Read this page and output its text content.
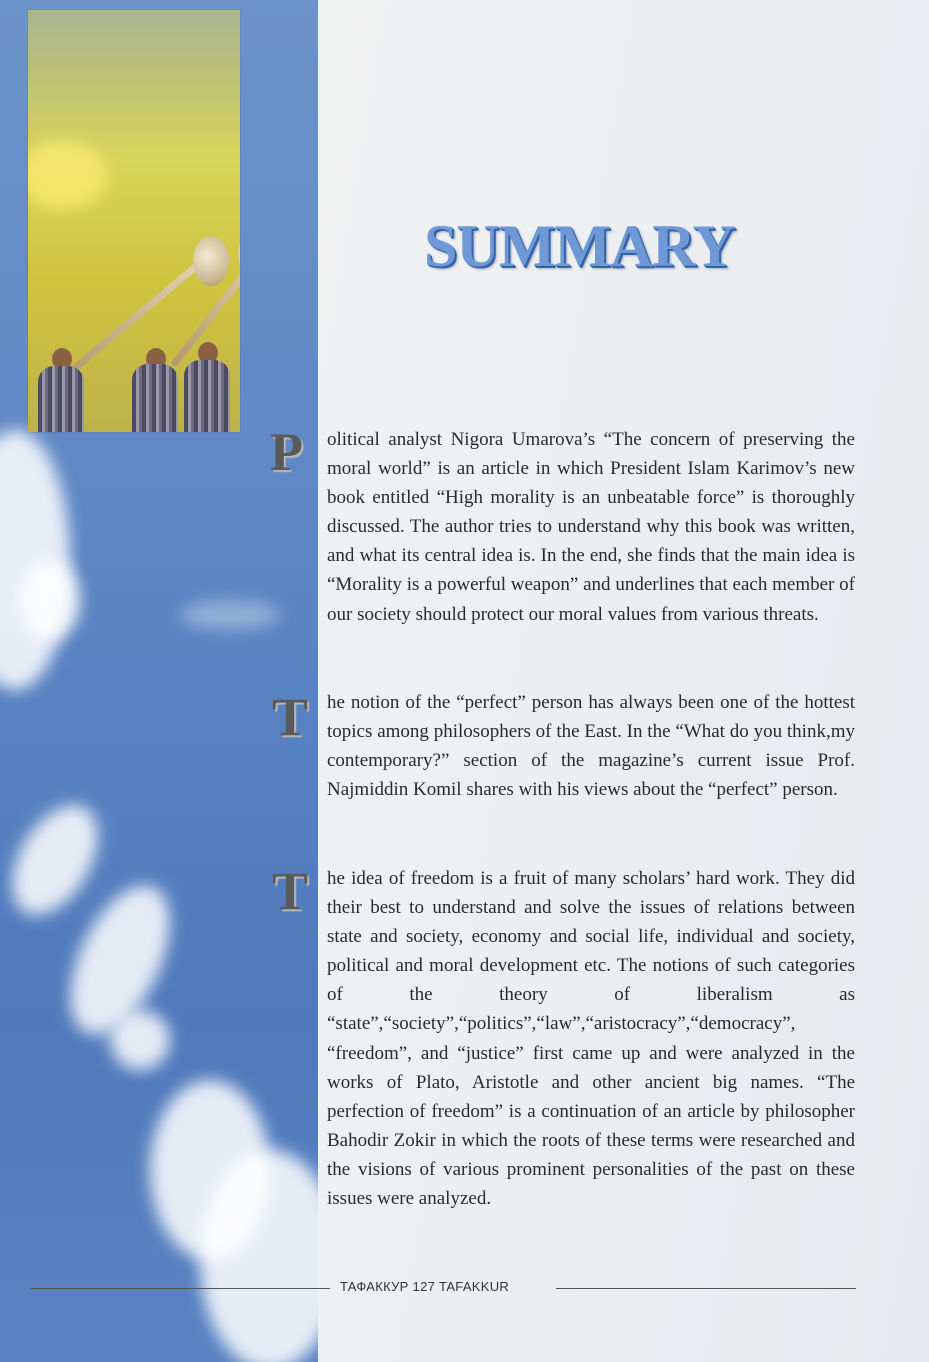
SUMMARY
P olitical analyst Nigora Umarova’s “The concern of preserving the moral world” is an article in which President Islam Karimov’s new book entitled “High morality is an unbeatable force” is thoroughly discussed. The author tries to understand why this book was written, and what its central idea is. In the end, she finds that the main idea is “Morality is a powerful weapon” and underlines that each member of our society should protect our moral values from various threats.

T he notion of the “perfect” person has always been one of the hottest topics among philosophers of the East. In the “What do you think,my contemporary?” section of the magazine’s current issue Prof. Najmiddin Komil shares with his views about the “perfect” person.

T he idea of freedom is a fruit of many scholars’ hard work. They did their best to understand and solve the issues of relations between state and society, economy and social life, individual and society, political and moral development etc. The notions of such categories of the theory of liberalism as “state”,“society”,“politics”,“law”,“aristocracy”,“democracy”, “freedom”, and “justice” first came up and were analyzed in the works of Plato, Aristotle and other ancient big names. “The perfection of freedom” is a continuation of an article by philosopher Bahodir Zokir in which the roots of these terms were researched and the visions of various prominent personalities of the past on these issues were analyzed.

ТАФАККУР 127 TAFAKKUR
